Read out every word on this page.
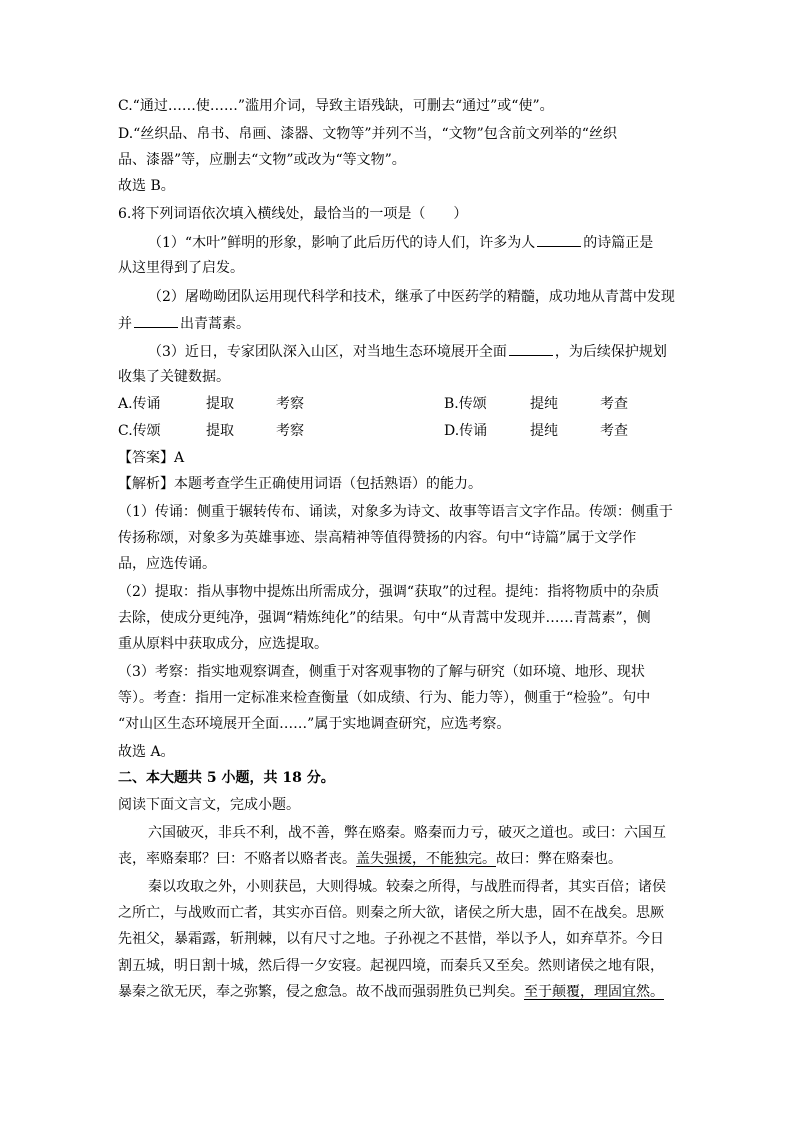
C.“通过……使……”滥用介词，导致主语残缺，可删去“通过”或“使”。
D.“丝织品、帛书、帛画、漆器、文物等”并列不当，“文物”包含前文列举的“丝织
品、漆器”等，应删去“文物”或改为“等文物”。
故选 B。
6.将下列词语依次填入横线处，最恰当的一项是（　　）
（1）“木叶”鲜明的形象，影响了此后历代的诗人们，许多为人	的诗篇正是
从这里得到了启发。
（2）屠呦呦团队运用现代科学和技术，继承了中医药学的精髓，成功地从青蒿中发现
并	出青蒿素。
（3）近日，专家团队深入山区，对当地生态环境展开全面	，为后续保护规划
收集了关键数据。
A.传诵	提取	考察	B.传颂	提纯	考查
C.传颂	提取	考察	D.传诵	提纯	考查
【答案】A
【解析】本题考查学生正确使用词语（包括熟语）的能力。
（1）传诵：侧重于辗转传布、诵读，对象多为诗文、故事等语言文字作品。传颂：侧重于
传扬称颂，对象多为英雄事迹、崇高精神等值得赞扬的内容。句中“诗篇”属于文学作
品，应选传诵。
（2）提取：指从事物中提炼出所需成分，强调“获取”的过程。提纯：指将物质中的杂质
去除，使成分更纯净，强调“精炼纯化”的结果。句中“从青蒿中发现并……青蒿素”，侧
重从原料中获取成分，应选提取。
（3）考察：指实地观察调查，侧重于对客观事物的了解与研究（如环境、地形、现状
等）。考查：指用一定标准来检查衡量（如成绩、行为、能力等），侧重于“检验”。句中
“对山区生态环境展开全面……”属于实地调查研究，应选考察。
故选 A。
二、本大题共 5 小题，共 18 分。
阅读下面文言文，完成小题。
六国破灭，非兵不利，战不善，弊在赂秦。赂秦而力亏，破灭之道也。或曰：六国互
丧，率赂秦耶？曰：不赂者以赂者丧。盖失强援，不能独完。故曰：弊在赂秦也。
秦以攻取之外，小则获邑，大则得城。较秦之所得，与战胜而得者，其实百倍；诸侯
之所亡，与战败而亡者，其实亦百倍。则秦之所大欲，诸侯之所大患，固不在战矣。思厥
先祖父，暴霜露，斩荆棘，以有尺寸之地。子孙视之不甚惜，举以予人，如弃草芥。今日
割五城，明日割十城，然后得一夕安寝。起视四境，而秦兵又至矣。然则诸侯之地有限，
暴秦之欲无厌，奉之弥繁，侵之愈急。故不战而强弱胜负已判矣。至于颠覆，理固宜然。
